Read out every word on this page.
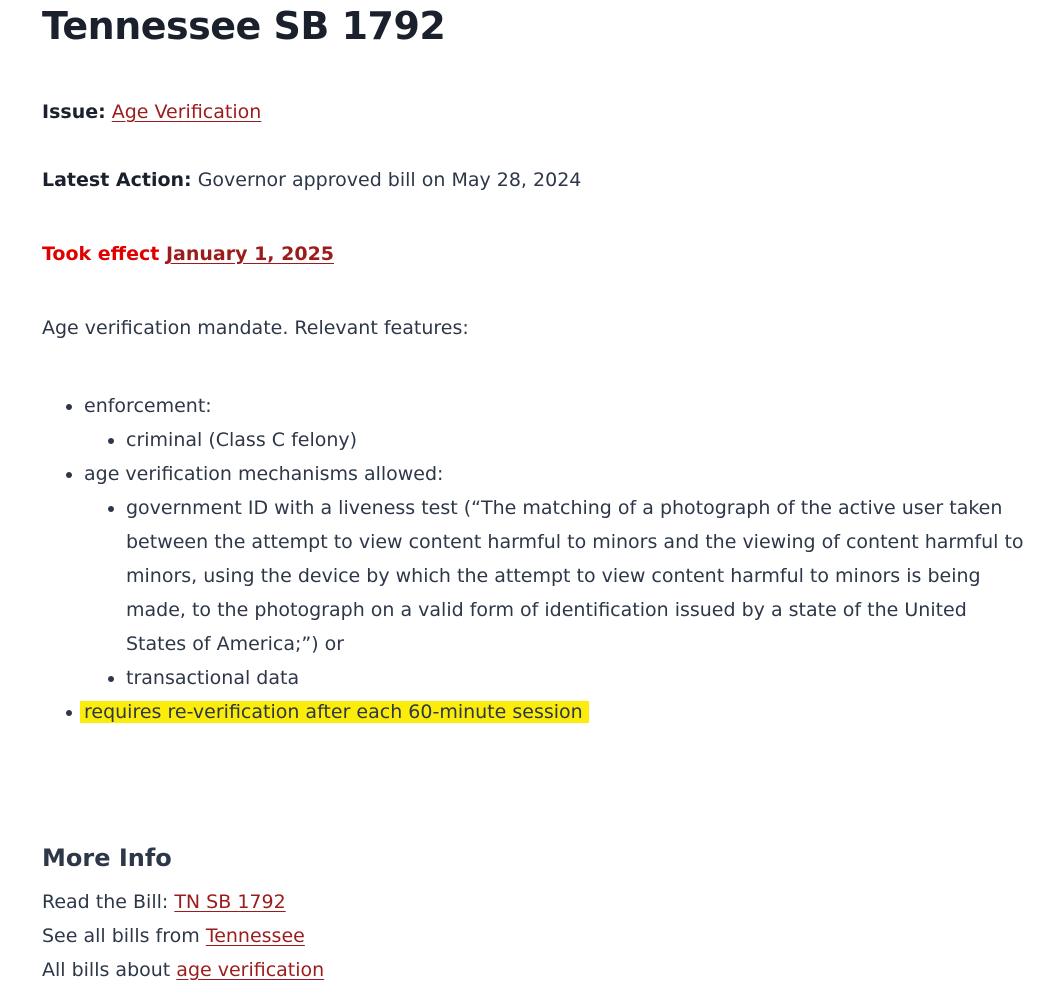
Tennessee SB 1792

Issue: Age Verification

Latest Action: Governor approved bill on May 28, 2024

Took effect January 1, 2025

Age verification mandate. Relevant features:

• enforcement:
• criminal (Class C felony)
• age verification mechanisms allowed:
• government ID with a liveness test (“The matching of a photograph of the active user taken between the attempt to view content harmful to minors and the viewing of content harmful to minors, using the device by which the attempt to view content harmful to minors is being made, to the photograph on a valid form of identification issued by a state of the United States of America;”) or
• transactional data
• requires re-verification after each 60-minute session
More Info
Read the Bill: TN SB 1792
See all bills from Tennessee
All bills about age verification
